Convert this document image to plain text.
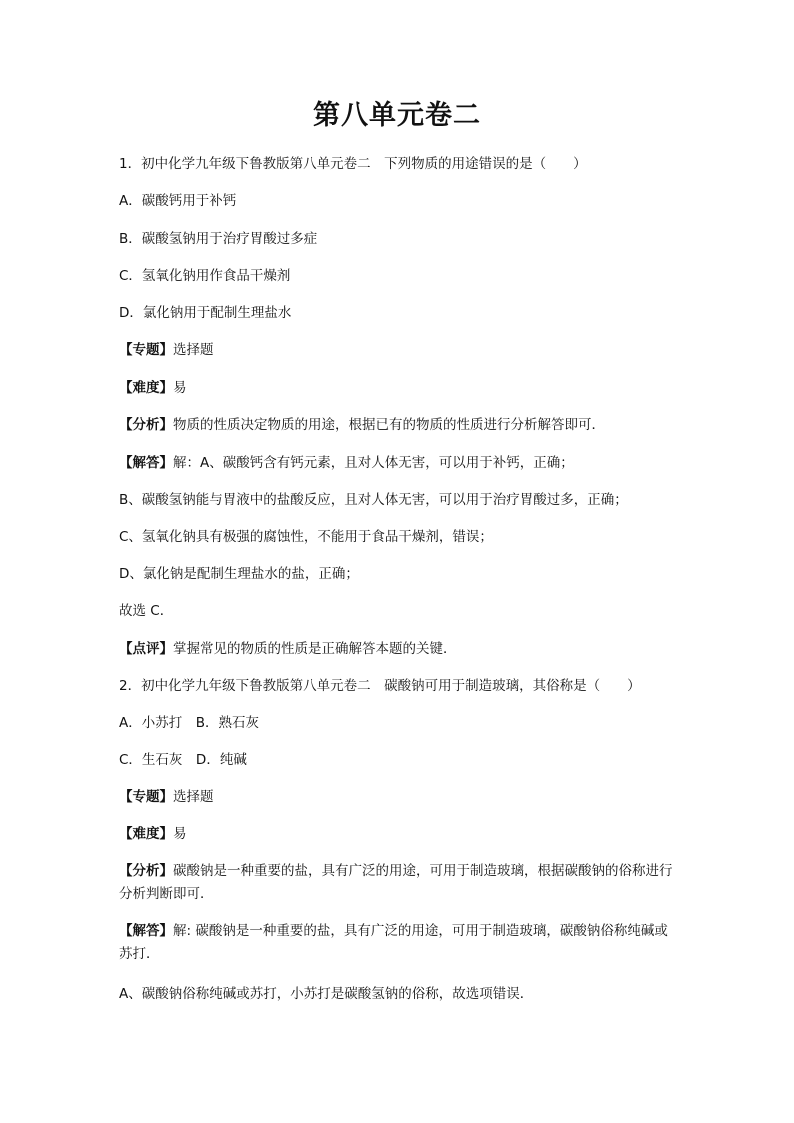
第八单元卷二
1．初中化学九年级下鲁教版第八单元卷二　下列物质的用途错误的是（　　）
A．碳酸钙用于补钙
B．碳酸氢钠用于治疗胃酸过多症
C．氢氧化钠用作食品干燥剂
D．氯化钠用于配制生理盐水
【专题】选择题
【难度】易
【分析】物质的性质决定物质的用途，根据已有的物质的性质进行分析解答即可．
【解答】解：A、碳酸钙含有钙元素，且对人体无害，可以用于补钙，正确；
B、碳酸氢钠能与胃液中的盐酸反应，且对人体无害，可以用于治疗胃酸过多，正确；
C、氢氧化钠具有极强的腐蚀性，不能用于食品干燥剂，错误；
D、氯化钠是配制生理盐水的盐，正确；
故选 C．
【点评】掌握常见的物质的性质是正确解答本题的关键．
2．初中化学九年级下鲁教版第八单元卷二　碳酸钠可用于制造玻璃，其俗称是（　　）
A．小苏打　B．熟石灰
C．生石灰　D．纯碱
【专题】选择题
【难度】易
【分析】碳酸钠是一种重要的盐，具有广泛的用途，可用于制造玻璃，根据碳酸钠的俗称进行分析判断即可．
【解答】解: 碳酸钠是一种重要的盐，具有广泛的用途，可用于制造玻璃，碳酸钠俗称纯碱或苏打．
A、碳酸钠俗称纯碱或苏打，小苏打是碳酸氢钠的俗称，故选项错误．
